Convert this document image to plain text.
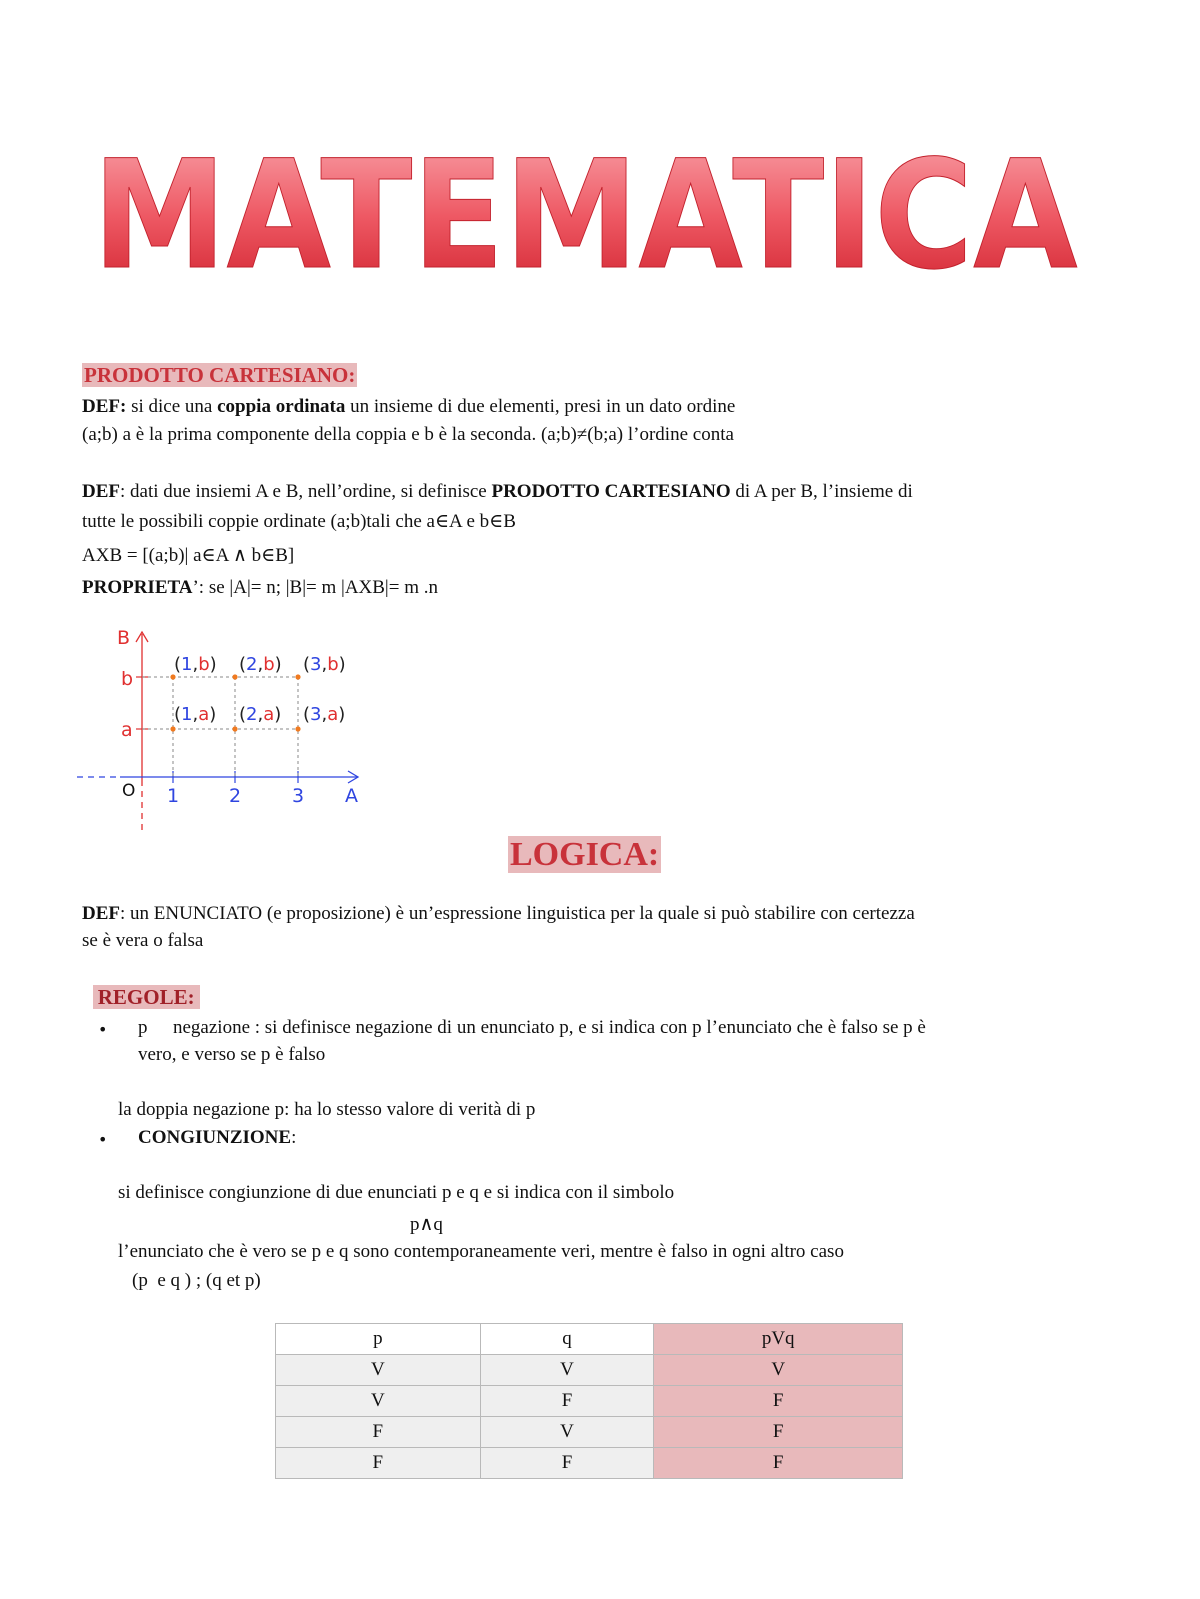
MATEMATICA
PRODOTTO CARTESIANO:
DEF: si dice una coppia ordinata un insieme di due elementi, presi in un dato ordine
(a;b) a è la prima componente della coppia e b è la seconda. (a;b)≠(b;a) l’ordine conta
DEF: dati due insiemi A e B, nell’ordine, si definisce PRODOTTO CARTESIANO di A per B, l’insieme di
tutte le possibili coppie ordinate (a;b)tali che a∈A e b∈B
AXB = [(a;b)| a∈A ∧ b∈B]
PROPRIETA’: se |A|= n; |B|= m |AXB|= m .n
B
A
O
b
a
1	2	3
(1,b) (2,b) (3,b)
(1,a) (2,a) (3,a)
LOGICA:
DEF: un ENUNCIATO (e proposizione) è un’espressione linguistica per la quale si può stabilire con certezza
se è vera o falsa

REGOLE:

• p negazione : si definisce negazione di un enunciato p, e si indica con p l’enunciato che è falso se p è
vero, e verso se p è falso
la doppia negazione p: ha lo stesso valore di verità di p
• CONGIUNZIONE:
si definisce congiunzione di due enunciati p e q e si indica con il simbolo
p∧q
l’enunciato che è vero se p e q sono contemporaneamente veri, mentre è falso in ogni altro caso
(p  e q ) ; (q et p)
p	q	pVq
V	V	V
V	F	F
F	V	F
F	F	F
